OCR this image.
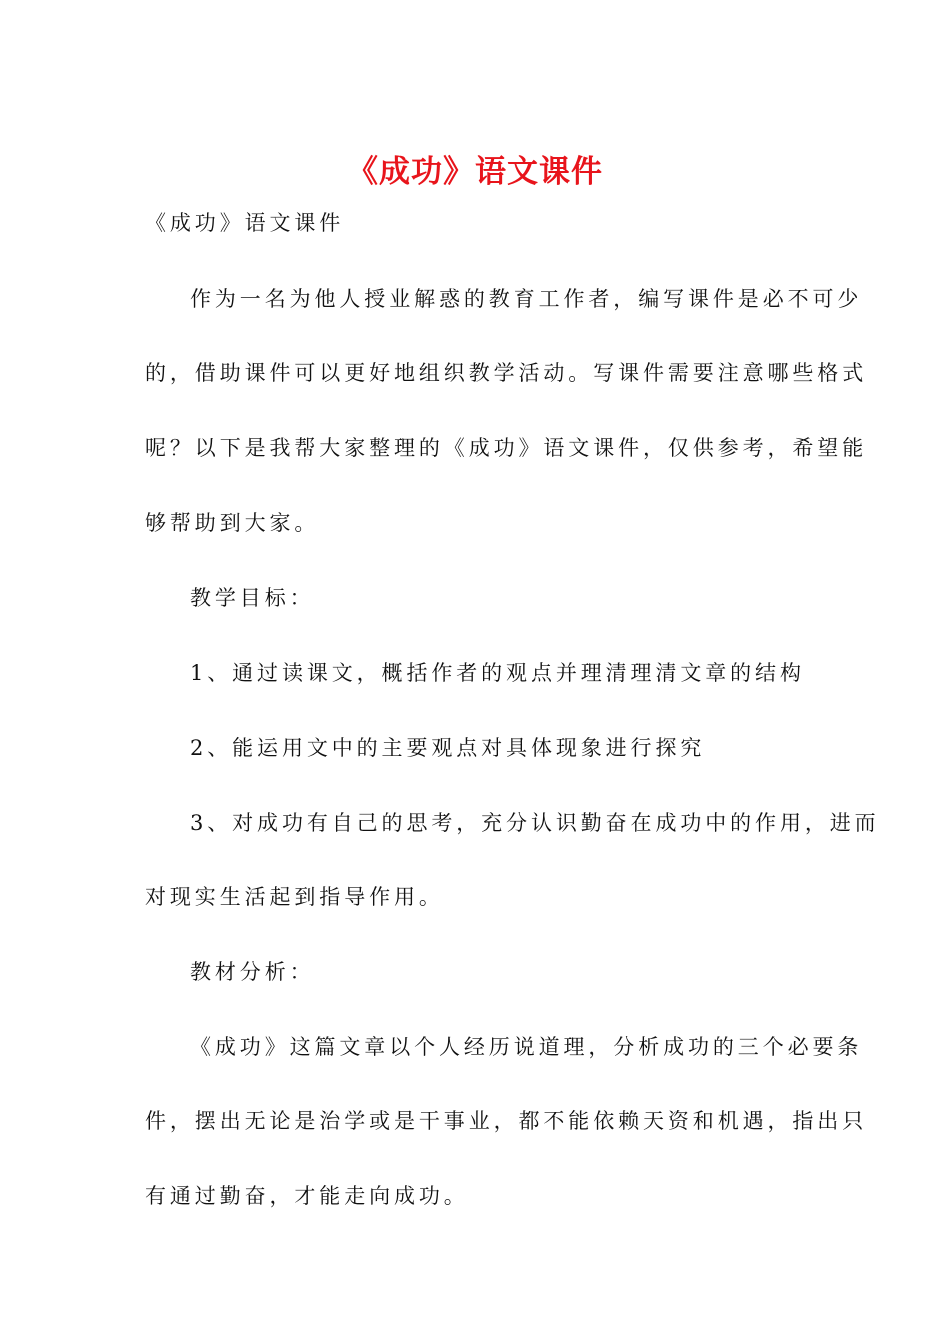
《成功》语文课件
《成功》语文课件
作为一名为他人授业解惑的教育工作者，编写课件是必不可少
的，借助课件可以更好地组织教学活动。写课件需要注意哪些格式
呢？以下是我帮大家整理的《成功》语文课件，仅供参考，希望能
够帮助到大家。
教学目标：
1、通过读课文，概括作者的观点并理清理清文章的结构
2、能运用文中的主要观点对具体现象进行探究
3、对成功有自己的思考，充分认识勤奋在成功中的作用，进而
对现实生活起到指导作用。
教材分析：
《成功》这篇文章以个人经历说道理，分析成功的三个必要条
件，摆出无论是治学或是干事业，都不能依赖天资和机遇，指出只
有通过勤奋，才能走向成功。
